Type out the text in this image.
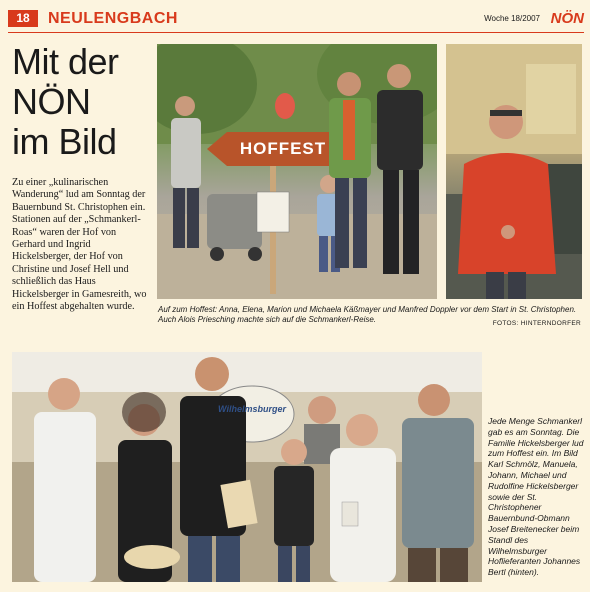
18	NEULENGBACH	Woche 18/2007 NÖN
Mit der
NÖN
im Bild
Zu einer „kulinarischen Wanderung“ lud am Sonntag der Bauernbund St. Christophen ein. Stationen auf der „Schmankerl-Roas“ waren der Hof von Gerhard und Ingrid Hickelsberger, der Hof von Christine und Josef Hell und schließlich das Haus Hickelsberger in Gamesreith, wo ein Hoffest abgehalten wurde.
HOFFEST
Auf zum Hoffest: Anna, Elena, Marion und Michaela Käßmayer und Manfred Doppler vor dem Start in St. Christophen. Auch Alois Priesching machte sich auf die Schmankerl-Reise.	FOTOS: HINTERNDORFER
Wilhelmsburger
Jede Menge Schmankerl gab es am Sonntag. Die Familie Hickelsberger lud zum Hoffest ein. Im Bild Karl Schmölz, Manuela, Johann, Michael und Rudolfine Hickelsberger sowie der St. Christophener Bauernbund-Obmann Josef Breitenecker beim Standl des Wilhelmsburger Hoflieferanten Johannes Bertl (hinten).
